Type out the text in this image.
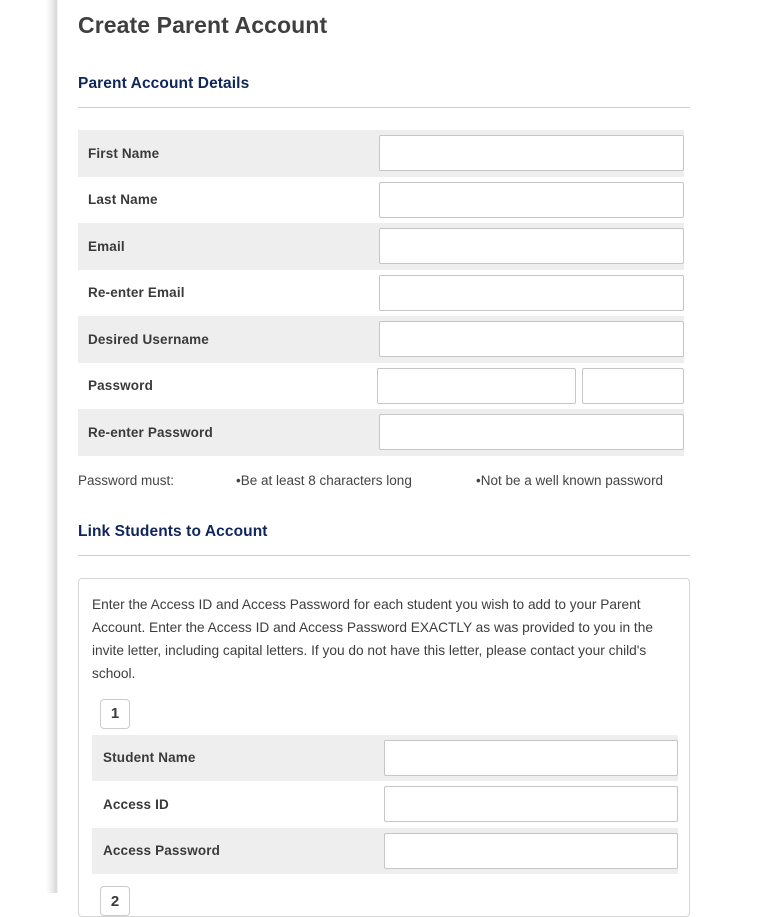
Create Parent Account
Parent Account Details
First Name
Last Name
Email
Re-enter Email
Desired Username
Password
Re-enter Password
Password must:	•Be at least 8 characters long	•Not be a well known password
Link Students to Account

Enter the Access ID and Access Password for each student you wish to add to your Parent Account. Enter the Access ID and Access Password EXACTLY as was provided to you in the invite letter, including capital letters. If you do not have this letter, please contact your child's school.

1
Student Name
Access ID
Access Password
2
